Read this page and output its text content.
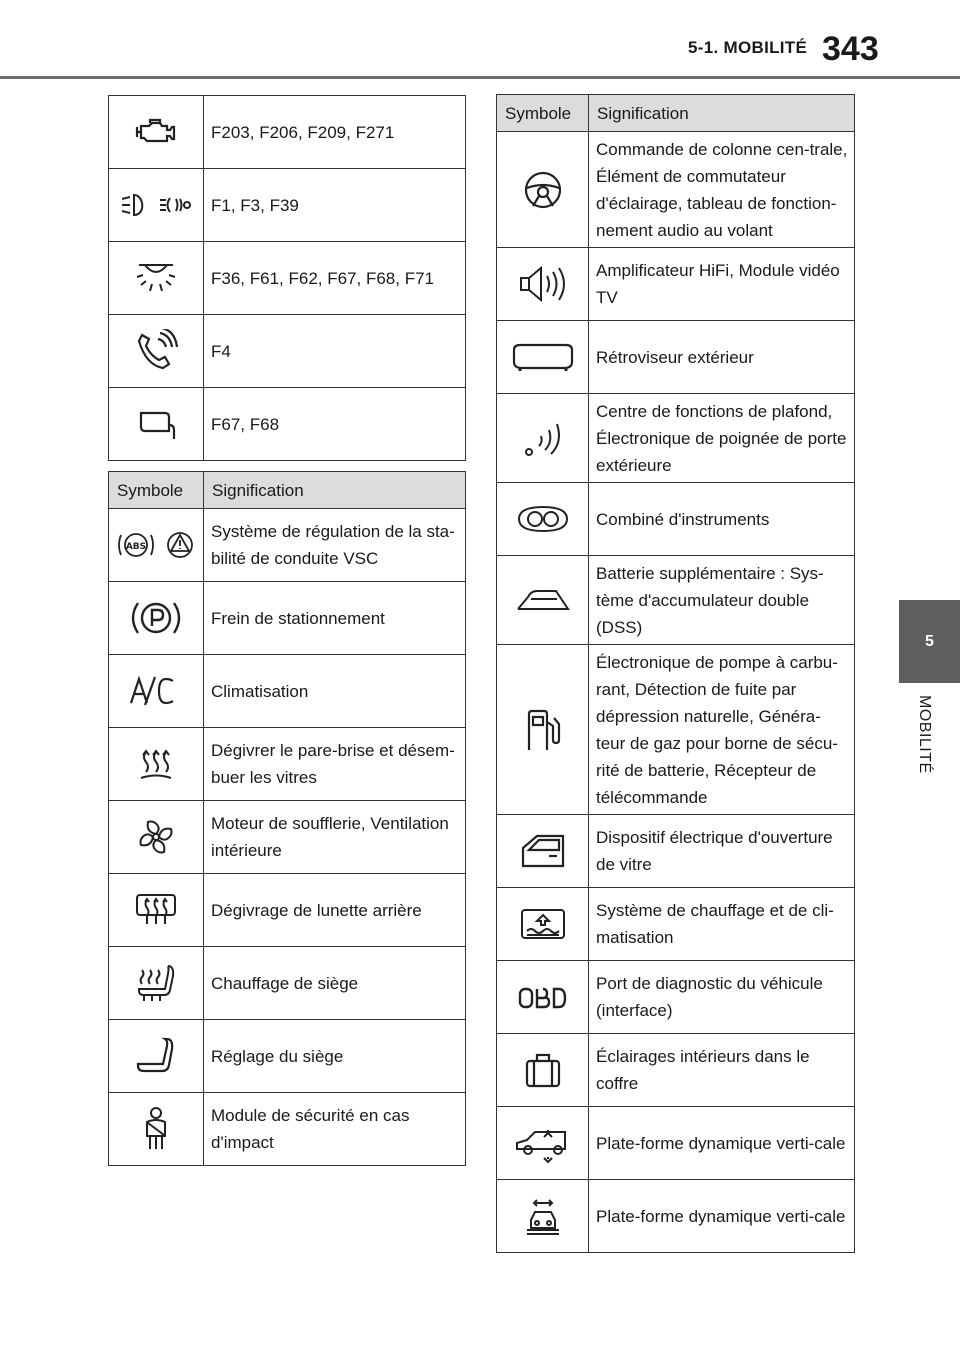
5-1. MOBILITÉ 343
5
MOBILITÉ
	F203, F206, F209, F271
	F1, F3, F39
	F36, F61, F62, F67, F68, F71
	F4
	F67, F68
Symbole	Signification

ABS	Système de régulation de la sta-bilité de conduite VSC
	Frein de stationnement
	Climatisation
	Dégivrer le pare-brise et désem-buer les vitres
	Moteur de soufflerie, Ventilation intérieure
	Dégivrage de lunette arrière
	Chauffage de siège
	Réglage du siège
	Module de sécurité en cas d'impact
Symbole	Signification
	Commande de colonne cen-trale, Élément de commutateur d'éclairage, tableau de fonction-nement audio au volant
	Amplificateur HiFi, Module vidéo TV
	Rétroviseur extérieur
	Centre de fonctions de plafond, Électronique de poignée de porte extérieure
	Combiné d'instruments
	Batterie supplémentaire : Sys-tème d'accumulateur double (DSS)
	Électronique de pompe à carbu-rant, Détection de fuite par dépression naturelle, Généra-teur de gaz pour borne de sécu-rité de batterie, Récepteur de télécommande
	Dispositif électrique d'ouverture de vitre
	Système de chauffage et de cli-matisation
	Port de diagnostic du véhicule (interface)
	Éclairages intérieurs dans le coffre
	Plate-forme dynamique verti-cale
	Plate-forme dynamique verti-cale
